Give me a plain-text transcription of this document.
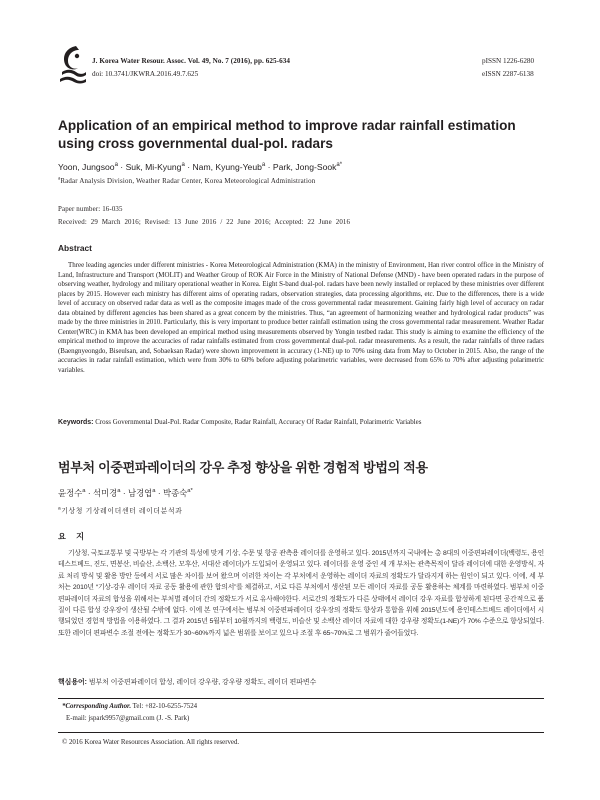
J. Korea Water Resour. Assoc. Vol. 49, No. 7 (2016), pp. 625-634
doi: 10.3741/JKWRA.2016.49.7.625
pISSN 1226-6280
eISSN 2287-6138
Application of an empirical method to improve radar rainfall estimation using cross governmental dual-pol. radars
Yoon, Jungsoo$^a$ · Suk, Mi-Kyung$^a$ · Nam, Kyung-Yeub$^a$ · Park, Jong-Sook$^{a*}$
$^a$Radar Analysis Division, Weather Radar Center, Korea Meteorological Administration
Paper number: 16-035
Received: 29 March 2016; Revised: 13 June 2016 / 22 June 2016; Accepted: 22 June 2016
Abstract

Three leading agencies under different ministries - Korea Meteorological Administration (KMA) in the ministry of Environment, Han river control office in the Ministry of Land, Infrastructure and Transport (MOLIT) and Weather Group of ROK Air Force in the Ministry of National Defense (MND) - have been operated radars in the purpose of observing weather, hydrology and military operational weather in Korea. Eight S-band dual-pol. radars have been newly installed or replaced by these ministries over different places by 2015. However each ministry has different aims of operating radars, observation strategies, data processing algorithms, etc. Due to the differences, there is a wide level of accuracy on observed radar data as well as the composite images made of the cross governmental radar measurement. Gaining fairly high level of accuracy on radar data obtained by different agencies has been shared as a great concern by the ministries. Thus, “an agreement of harmonizing weather and hydrological radar products” was made by the three ministries in 2010. Particularly, this is very important to produce better rainfall estimation using the cross governmental radar measurement. Weather Radar Center(WRC) in KMA has been developed an empirical method using measurements observed by Yongin testbed radar. This study is aiming to examine the efficiency of the empirical method to improve the accuracies of radar rainfalls estimated from cross governmental dual-pol. radar measurements. As a result, the radar rainfalls of three radars (Baengnyeongdo, Biseulsan, and, Sobaeksan Radar) were shown improvement in accuracy (1-NE) up to 70% using data from May to October in 2015. Also, the range of the accuracies in radar rainfall estimation, which were from 30% to 60% before adjusting polarimetric variables, were decreased from 65% to 70% after adjusting polarimetric variables.

Keywords: Cross Governmental Dual-Pol. Radar Composite, Radar Rainfall, Accuracy Of Radar Rainfall, Polarimetric Variables
범부처 이중편파레이더의 강우 추정 향상을 위한 경험적 방법의 적용
윤정수$^a$ · 석미경$^a$ · 남경엽$^a$ · 박종숙$^{a*}$
$^a$기상청 기상레이더센터 레이더분석과
요 지

기상청, 국토교통부 및 국방부는 각 기관의 특성에 맞게 기상, 수문 및 항공 관측용 레이더를 운영하고 있다. 2015년까지 국내에는 총 8대의 이중편파레이더(백령도, 용인테스트베드, 진도, 면봉산, 비슬산, 소백산, 모후산, 서대산 레이더)가 도입되어 운영되고 있다. 레이더를 운영 중인 세 개 부처는 관측목적이 달라 레이더에 대한 운영방식, 자료 처리 방식 및 활용 방안 등에서 서로 많은 차이를 보여 왔으며 이러한 차이는 각 부처에서 운영하는 레이더 자료의 정확도가 달라지게 하는 원인이 되고 있다. 이에, 세 부처는 2010년 “기상-강우 레이더 자료 공동 활용에 관한 합의서”를 체결하고, 서로 다른 부처에서 생산된 모든 레이더 자료를 공동 활용하는 체계를 마련하였다. 범부처 이중편파레이더 자료의 합성을 위해서는 부처별 레이더 간의 정확도가 서로 유사해야한다. 서로간의 정확도가 다른 상태에서 레이더 강우 자료를 합성하게 된다면 공간적으로 품질이 다른 합성 강우장이 생산될 수밖에 없다. 이에 본 연구에서는 범부처 이중편파레이더 강우장의 정확도 향상과 통합을 위해 2015년도에 용인테스트베드 레이더에서 시행되었던 경험적 방법을 이용하였다. 그 결과 2015년 5월부터 10월까지의 백령도, 비슬산 및 소백산 레이더 자료에 대한 강우량 정확도(1-NE)가 70% 수준으로 향상되었다. 또한 레이더 편파변수 조절 전에는 정확도가 30~60%까지 넓은 범위를 보이고 있으나 조절 후 65~70%로 그 범위가 줄어들었다.

핵심용어: 범부처 이중편파레이더 합성, 레이더 강우량, 강우량 정확도, 레이더 편파변수
*Corresponding Author. Tel: +82-10-6255-7524
E-mail: jspark9957@gmail.com (J. -S. Park)
© 2016 Korea Water Resources Association. All rights reserved.
